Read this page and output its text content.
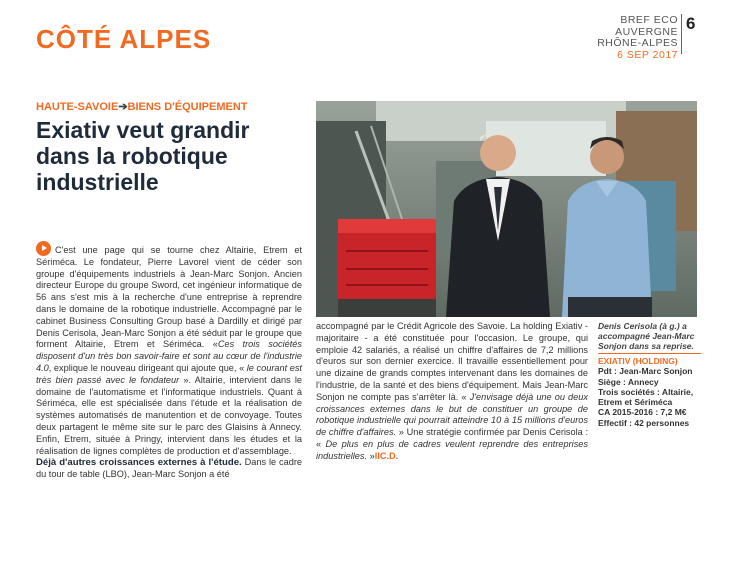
CÔTÉ ALPES
BREF ECO
AUVERGNE
RHÔNE-ALPES
6 SEP 2017
6
HAUTE-SAVOIE➔BIENS D'ÉQUIPEMENT
Exiativ veut grandir dans la robotique industrielle
Denis Cerisola (à g.) a accompagné Jean-Marc Sonjon dans sa reprise.
EXIATIV (HOLDING)
Pdt : Jean-Marc Sonjon
Siège : Annecy
Trois sociétés : Altairie, Etrem et Sériméca
CA 2015-2016 : 7,2 M€
Effectif : 42 personnes
C'est une page qui se tourne chez Altairie, Etrem et Sériméca. Le fondateur, Pierre Lavorel vient de céder son groupe d'équipements industriels à Jean-Marc Sonjon. Ancien directeur Europe du groupe Sword, cet ingénieur informatique de 56 ans s'est mis à la recherche d'une entreprise à reprendre dans le domaine de la robotique industrielle. Accompagné par le cabinet Business Consulting Group basé à Dardilly et dirigé par Denis Cerisola, Jean-Marc Sonjon a été séduit par le groupe que forment Altairie, Etrem et Sériméca. «Ces trois sociétés disposent d'un très bon savoir-faire et sont au cœur de l'industrie 4.0, explique le nouveau dirigeant qui ajoute que, « le courant est très bien passé avec le fondateur ». Altairie, intervient dans le domaine de l'automatisme et l'informatique industriels. Quant à Sériméca, elle est spécialisée dans l'étude et la réalisation de systèmes automatisés de manutention et de convoyage. Toutes deux partagent le même site sur le parc des Glaisins à Annecy. Enfin, Etrem, située à Pringy, intervient dans les études et la réalisation de lignes complètes de production et d'assemblage.
Déjà d'autres croissances externes à l'étude. Dans le cadre du tour de table (LBO), Jean-Marc Sonjon a été
accompagné par le Crédit Agricole des Savoie. La holding Exiativ - majoritaire - a été constituée pour l'occasion. Le groupe, qui emploie 42 salariés, a réalisé un chiffre d'affaires de 7,2 millions d'euros sur son dernier exercice. Il travaille essentiellement pour une dizaine de grands comptes intervenant dans les domaines de l'industrie, de la santé et des biens d'équipement. Mais Jean-Marc Sonjon ne compte pas s'arrêter là. « J'envisage déjà une ou deux croissances externes dans le but de constituer un groupe de robotique industrielle qui pourrait atteindre 10 à 15 millions d'euros de chiffre d'affaires. » Une stratégie confirmée par Denis Cerisola : « De plus en plus de cadres veulent reprendre des entreprises industrielles. »IIC.D.
